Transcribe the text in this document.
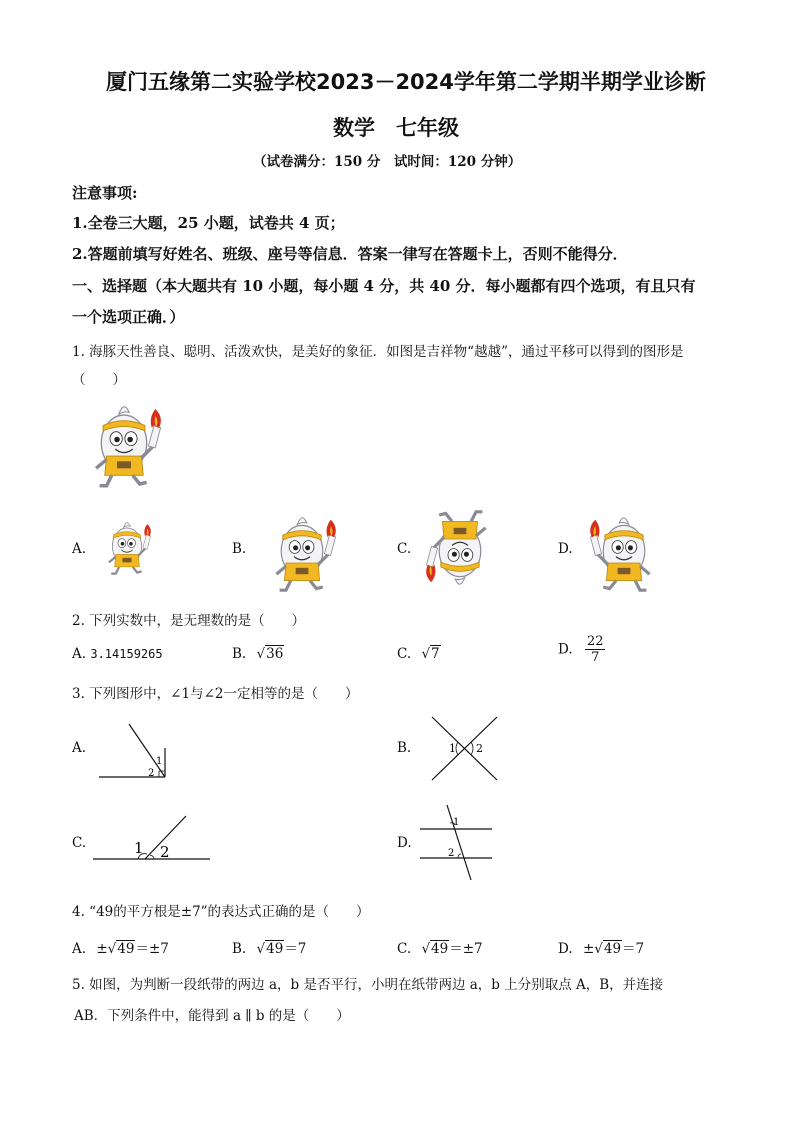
厦门五缘第二实验学校2023－2024学年第二学期半期学业诊断
数学　七年级
（试卷满分：150 分　试时间：120 分钟）
注意事项:
1.全卷三大题，25 小题，试卷共 4 页；
2.答题前填写好姓名、班级、座号等信息．答案一律写在答题卡上，否则不能得分．
一、选择题（本大题共有 10 小题，每小题 4 分，共 40 分．每小题都有四个选项，有且只有
一个选项正确．）
1. 海豚天性善良、聪明、活泼欢快，是美好的象征．如图是吉祥物“越越”，通过平移可以得到的图形是
（　　）
A.	B.	C.	D.
2. 下列实数中，是无理数的是（　　）
A. 3.14159265	B. √36	C. √7	D. $\frac{22}{7}$
3. 下列图形中，∠1与∠2一定相等的是（　　）
A.
1
2
B.	1 2
C.	1 2	D.
1
2
4. “49的平方根是±7”的表达式正确的是（　　）
A. ±√49＝±7	B. √49＝7	C. √49＝±7	D. ±√49＝7
5. 如图，为判断一段纸带的两边 a，b 是否平行，小明在纸带两边 a，b 上分别取点 A，B，并连接
AB．下列条件中，能得到 a ∥ b 的是（　　）
